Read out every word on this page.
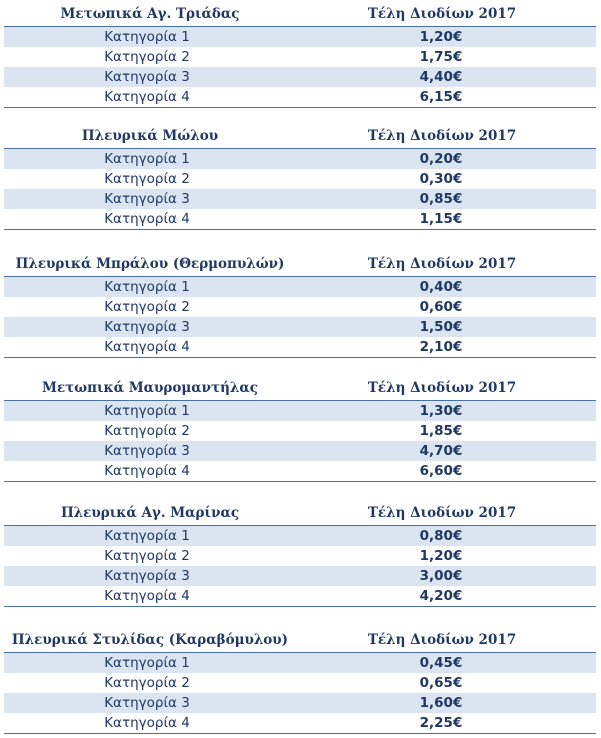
Μετωπικά Αγ. Τριάδας	Τέλη Διοδίων 2017
Κατηγορία 1	1,20€
Κατηγορία 2	1,75€
Κατηγορία 3	4,40€
Κατηγορία 4	6,15€
Πλευρικά Μώλου	Τέλη Διοδίων 2017
Κατηγορία 1	0,20€
Κατηγορία 2	0,30€
Κατηγορία 3	0,85€
Κατηγορία 4	1,15€
Πλευρικά Μπράλου (Θερμοπυλών)	Τέλη Διοδίων 2017
Κατηγορία 1	0,40€
Κατηγορία 2	0,60€
Κατηγορία 3	1,50€
Κατηγορία 4	2,10€
Μετωπικά Μαυρομαντήλας	Τέλη Διοδίων 2017
Κατηγορία 1	1,30€
Κατηγορία 2	1,85€
Κατηγορία 3	4,70€
Κατηγορία 4	6,60€
Πλευρικά Αγ. Μαρίνας	Τέλη Διοδίων 2017
Κατηγορία 1	0,80€
Κατηγορία 2	1,20€
Κατηγορία 3	3,00€
Κατηγορία 4	4,20€
Πλευρικά Στυλίδας (Καραβόμυλου)	Τέλη Διοδίων 2017
Κατηγορία 1	0,45€
Κατηγορία 2	0,65€
Κατηγορία 3	1,60€
Κατηγορία 4	2,25€
